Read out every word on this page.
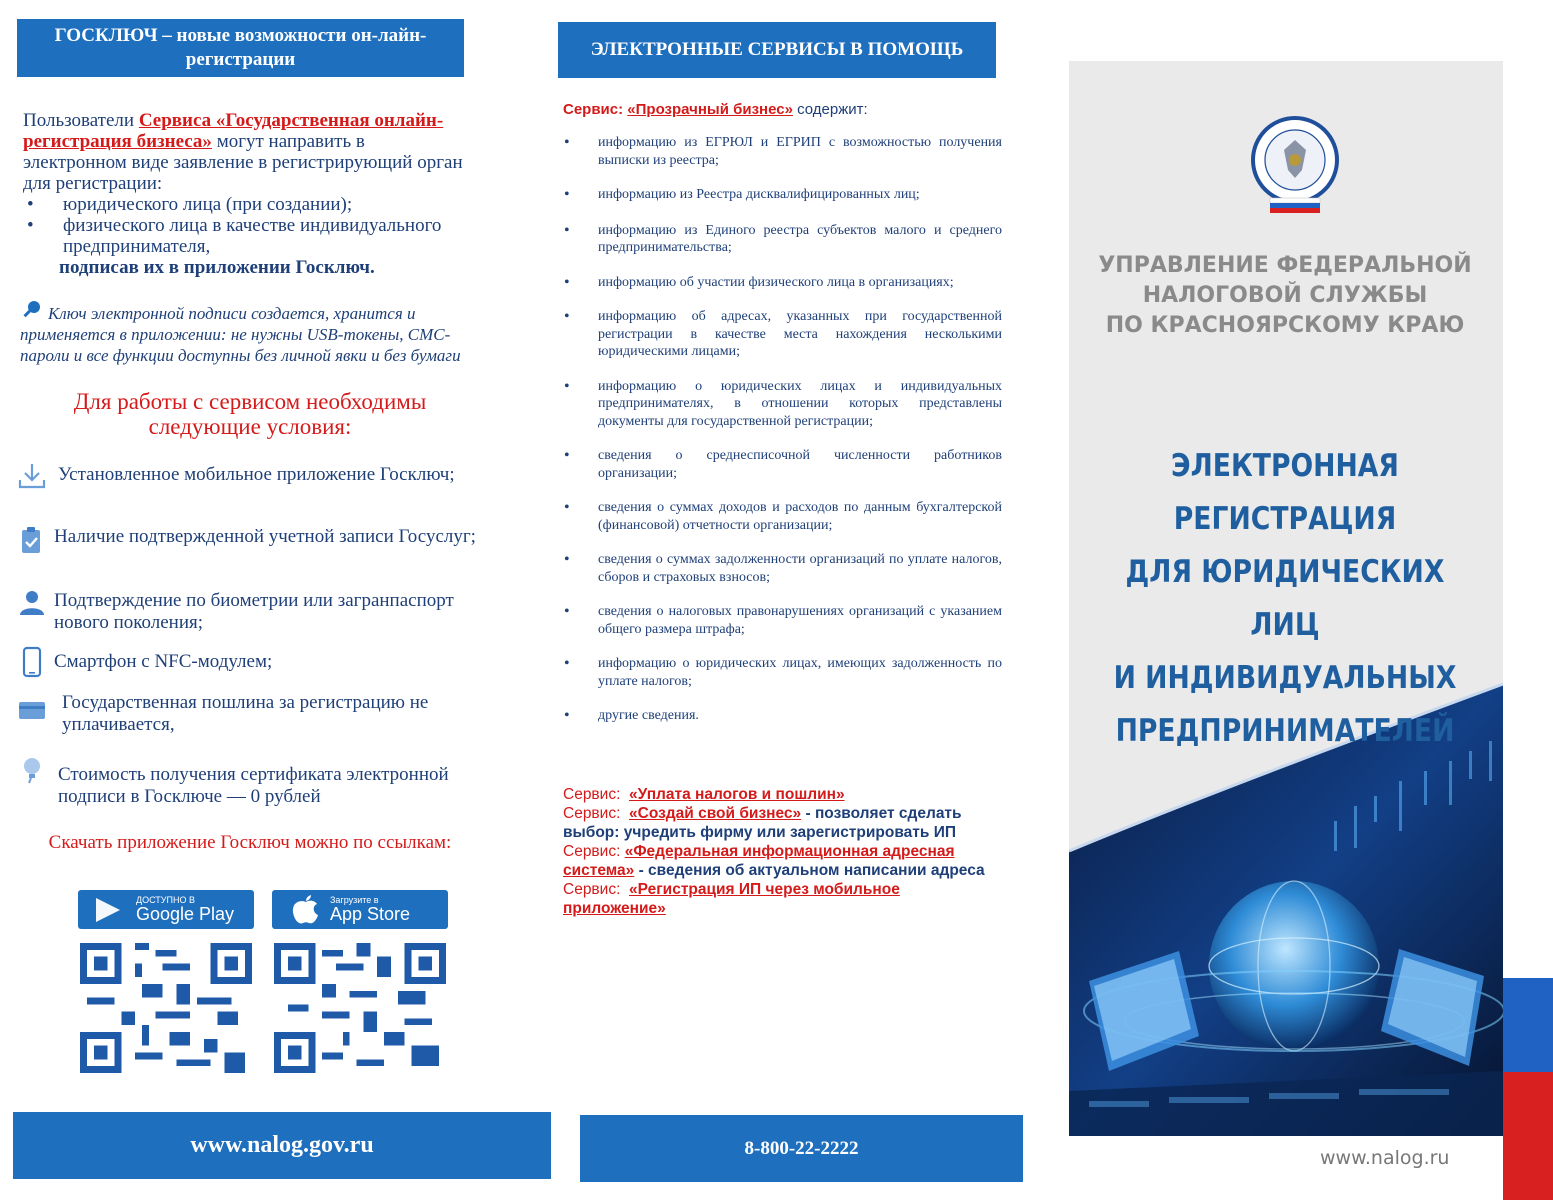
ГОСКЛЮЧ – новые возможности он-лайн-регистрации
Пользователи Сервиса «Государственная онлайн-регистрация бизнеса» могут направить в электронном виде заявление в регистрирующий орган для регистрации:
• юридического лица (при создании);
• физического лица в качестве индивидуального предпринимателя,
подписав их в приложении Госключ.
Ключ электронной подписи создается, хранится и применяется в приложении: не нужны USB-токены, СМС-пароли и все функции доступны без личной явки и без бумаги
Для работы с сервисом необходимы следующие условия:
Установленное мобильное приложение Госключ;
Наличие подтвержденной учетной записи Госуслуг;
Подтверждение по биометрии или загранпаспорт нового поколения;
Смартфон с NFC-модулем;
Государственная пошлина за регистрацию не уплачивается,
Стоимость получения сертификата электронной подписи в Госключе — 0 рублей
Скачать приложение Госключ можно по ссылкам:
ДОСТУПНО В
Google Play
Загрузите в
App Store
www.nalog.gov.ru
ЭЛЕКТРОННЫЕ СЕРВИСЫ В ПОМОЩЬ
Сервис: «Прозрачный бизнес» содержит:
• информацию из ЕГРЮЛ и ЕГРИП с возможностью получения выписки из реестра;
• информацию из Реестра дисквалифицированных лиц;
• информацию из Единого реестра субъектов малого и среднего предпринимательства;
• информацию об участии физического лица в организациях;
• информацию об адресах, указанных при государственной регистрации в качестве места нахождения несколькими юридическими лицами;
• информацию о юридических лицах и индивидуальных предпринимателях, в отношении которых представлены документы для государственной регистрации;
• сведения о среднесписочной численности работников организации;
• сведения о суммах доходов и расходов по данным бухгалтерской (финансовой) отчетности организации;
• сведения о суммах задолженности организаций по уплате налогов, сборов и страховых взносов;
• сведения о налоговых правонарушениях организаций с указанием общего размера штрафа;
• информацию о юридических лицах, имеющих задолженность по уплате налогов;
• другие сведения.

Сервис: «Уплата налогов и пошлин»

Сервис: «Создай свой бизнес» - позволяет сделать выбор: учредить фирму или зарегистрировать ИП

Сервис: «Федеральная информационная адресная система» - сведения об актуальном написании адреса

Сервис: «Регистрация ИП через мобильное приложение»

8-800-22-2222
УПРАВЛЕНИЕ ФЕДЕРАЛЬНОЙ
НАЛОГОВОЙ СЛУЖБЫ
ПО КРАСНОЯРСКОМУ КРАЮ
ЭЛЕКТРОННАЯ РЕГИСТРАЦИЯ
ДЛЯ ЮРИДИЧЕСКИХ ЛИЦ
И ИНДИВИДУАЛЬНЫХ
ПРЕДПРИНИМАТЕЛЕЙ
www.nalog.ru
